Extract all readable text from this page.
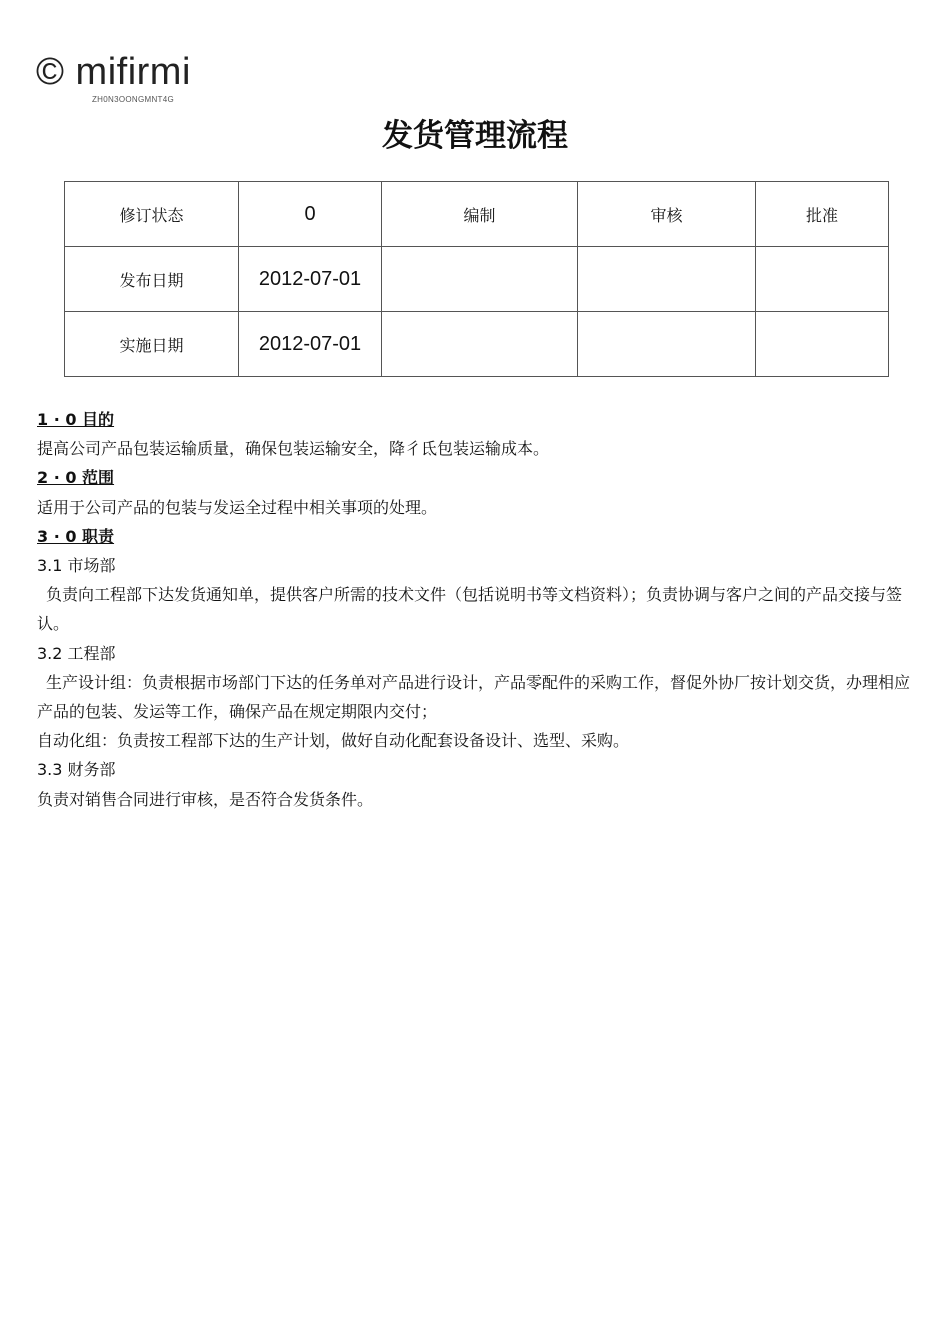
© mifirmi
ZH0N3OONGMNT4G
发货管理流程
修订状态	0	编制	审核	批准
发布日期	2012-07-01			
实施日期	2012-07-01			

1 · 0 目的

提高公司产品包装运输质量，确保包装运输安全，降彳氐包装运输成本。

2 · 0 范围

适用于公司产品的包装与发运全过程中相关事项的处理。

3 · 0 职责

3.1 市场部

负责向工程部下达发货通知单，提供客户所需的技术文件（包括说明书等文档资料）；负责协调与客户之间的产品交接与签认。

3.2 工程部

生产设计组：负责根据市场部门下达的任务单对产品进行设计，产品零配件的采购工作，督促外协厂按计划交货，办理相应产品的包装、发运等工作，确保产品在规定期限内交付；

自动化组：负责按工程部下达的生产计划，做好自动化配套设备设计、选型、采购。

3.3 财务部

负责对销售合同进行审核，是否符合发货条件。
